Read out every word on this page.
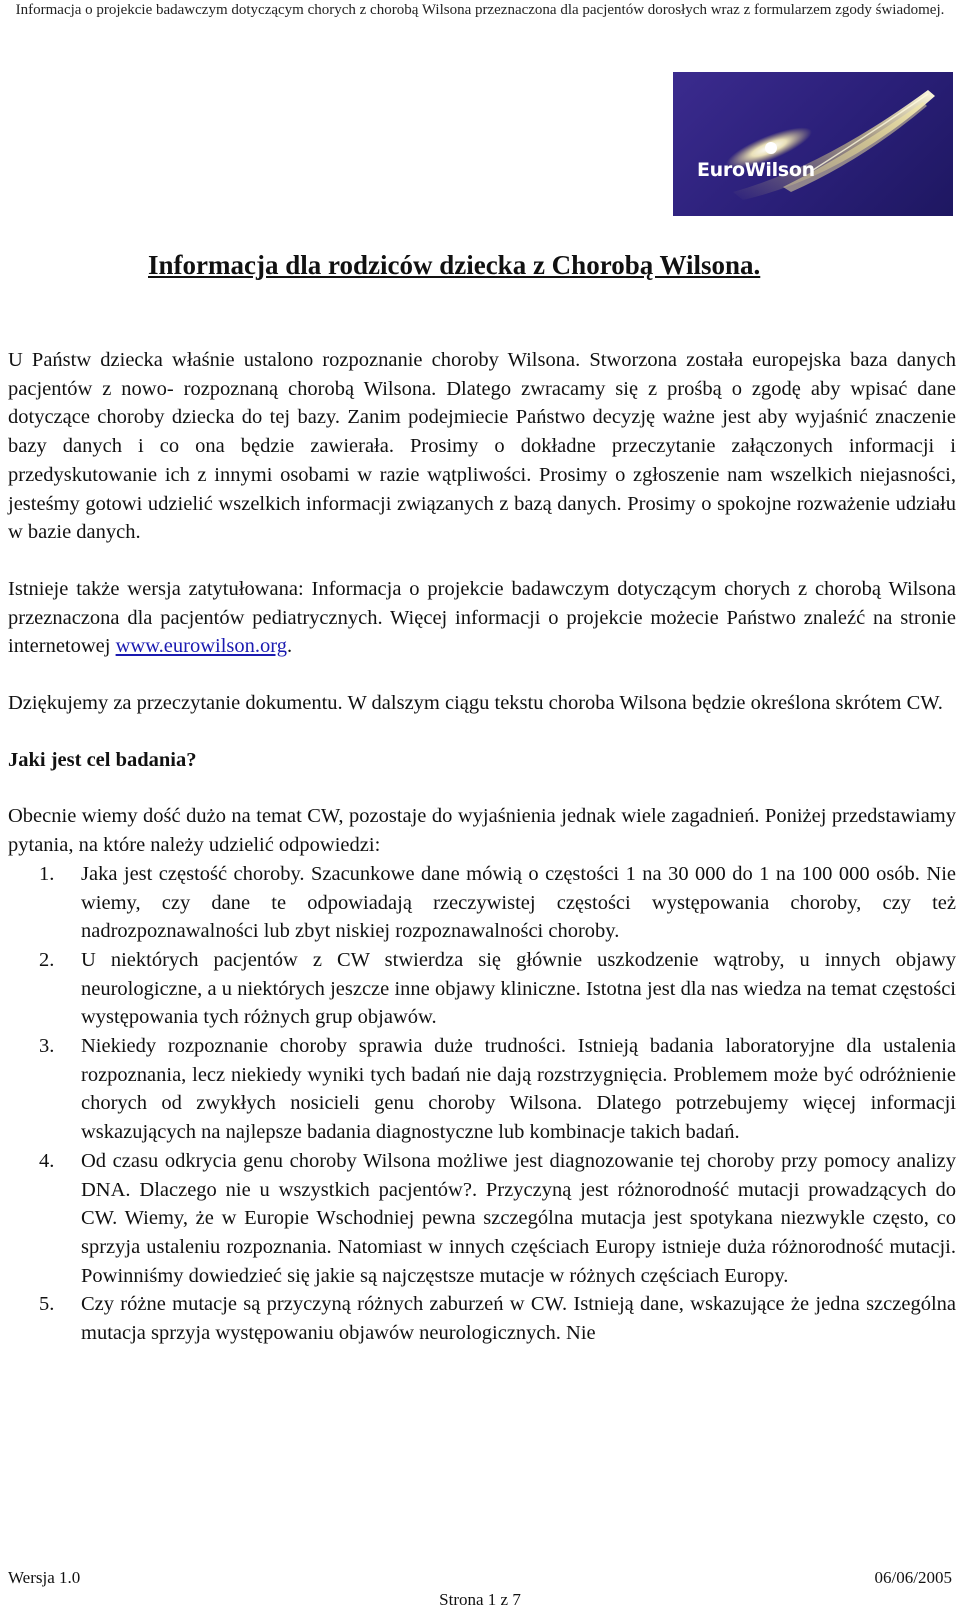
Informacja o projekcie badawczym dotyczącym chorych z chorobą Wilsona przeznaczona dla pacjentów dorosłych wraz z formularzem zgody świadomej.
EuroWilson
Informacja dla rodziców dziecka z Chorobą Wilsona.

U Państw dziecka właśnie ustalono rozpoznanie choroby Wilsona. Stworzona została europejska baza danych pacjentów z nowo- rozpoznaną chorobą Wilsona. Dlatego zwracamy się z prośbą o zgodę aby wpisać dane dotyczące choroby dziecka do tej bazy. Zanim podejmiecie Państwo decyzję ważne jest aby wyjaśnić znaczenie bazy danych i co ona będzie zawierała. Prosimy o dokładne przeczytanie załączonych informacji i przedyskutowanie ich z innymi osobami w razie wątpliwości. Prosimy o zgłoszenie nam wszelkich niejasności, jesteśmy gotowi udzielić wszelkich informacji związanych z bazą danych. Prosimy o spokojne rozważenie udziału w bazie danych.

Istnieje także wersja zatytułowana: Informacja o projekcie badawczym dotyczącym chorych z chorobą Wilsona przeznaczona dla pacjentów pediatrycznych. Więcej informacji o projekcie możecie Państwo znaleźć na stronie internetowej www.eurowilson.org.

Dziękujemy za przeczytanie dokumentu. W dalszym ciągu tekstu choroba Wilsona będzie określona skrótem CW.

Jaki jest cel badania?

Obecnie wiemy dość dużo na temat CW, pozostaje do wyjaśnienia jednak wiele zagadnień. Poniżej przedstawiamy pytania, na które należy udzielić odpowiedzi:

1. Jaka jest częstość choroby. Szacunkowe dane mówią o częstości 1 na 30 000 do 1 na 100 000 osób. Nie wiemy, czy dane te odpowiadają rzeczywistej częstości występowania choroby, czy też nadrozpoznawalności lub zbyt niskiej rozpoznawalności choroby.
2. U niektórych pacjentów z CW stwierdza się głównie uszkodzenie wątroby, u innych objawy neurologiczne, a u niektórych jeszcze inne objawy kliniczne. Istotna jest dla nas wiedza na temat częstości występowania tych różnych grup objawów.
3. Niekiedy rozpoznanie choroby sprawia duże trudności. Istnieją badania laboratoryjne dla ustalenia rozpoznania, lecz niekiedy wyniki tych badań nie dają rozstrzygnięcia. Problemem może być odróżnienie chorych od zwykłych nosicieli genu choroby Wilsona. Dlatego potrzebujemy więcej informacji wskazujących na najlepsze badania diagnostyczne lub kombinacje takich badań.
4. Od czasu odkrycia genu choroby Wilsona możliwe jest diagnozowanie tej choroby przy pomocy analizy DNA. Dlaczego nie u wszystkich pacjentów?. Przyczyną jest różnorodność mutacji prowadzących do CW. Wiemy, że w Europie Wschodniej pewna szczególna mutacja jest spotykana niezwykle często, co sprzyja ustaleniu rozpoznania. Natomiast w innych częściach Europy istnieje duża różnorodność mutacji. Powinniśmy dowiedzieć się jakie są najczęstsze mutacje w różnych częściach Europy.
5. Czy różne mutacje są przyczyną różnych zaburzeń w CW. Istnieją dane, wskazujące że jedna szczególna mutacja sprzyja występowaniu objawów neurologicznych. Nie
Wersja 1.0	06/06/2005
Strona 1 z 7
